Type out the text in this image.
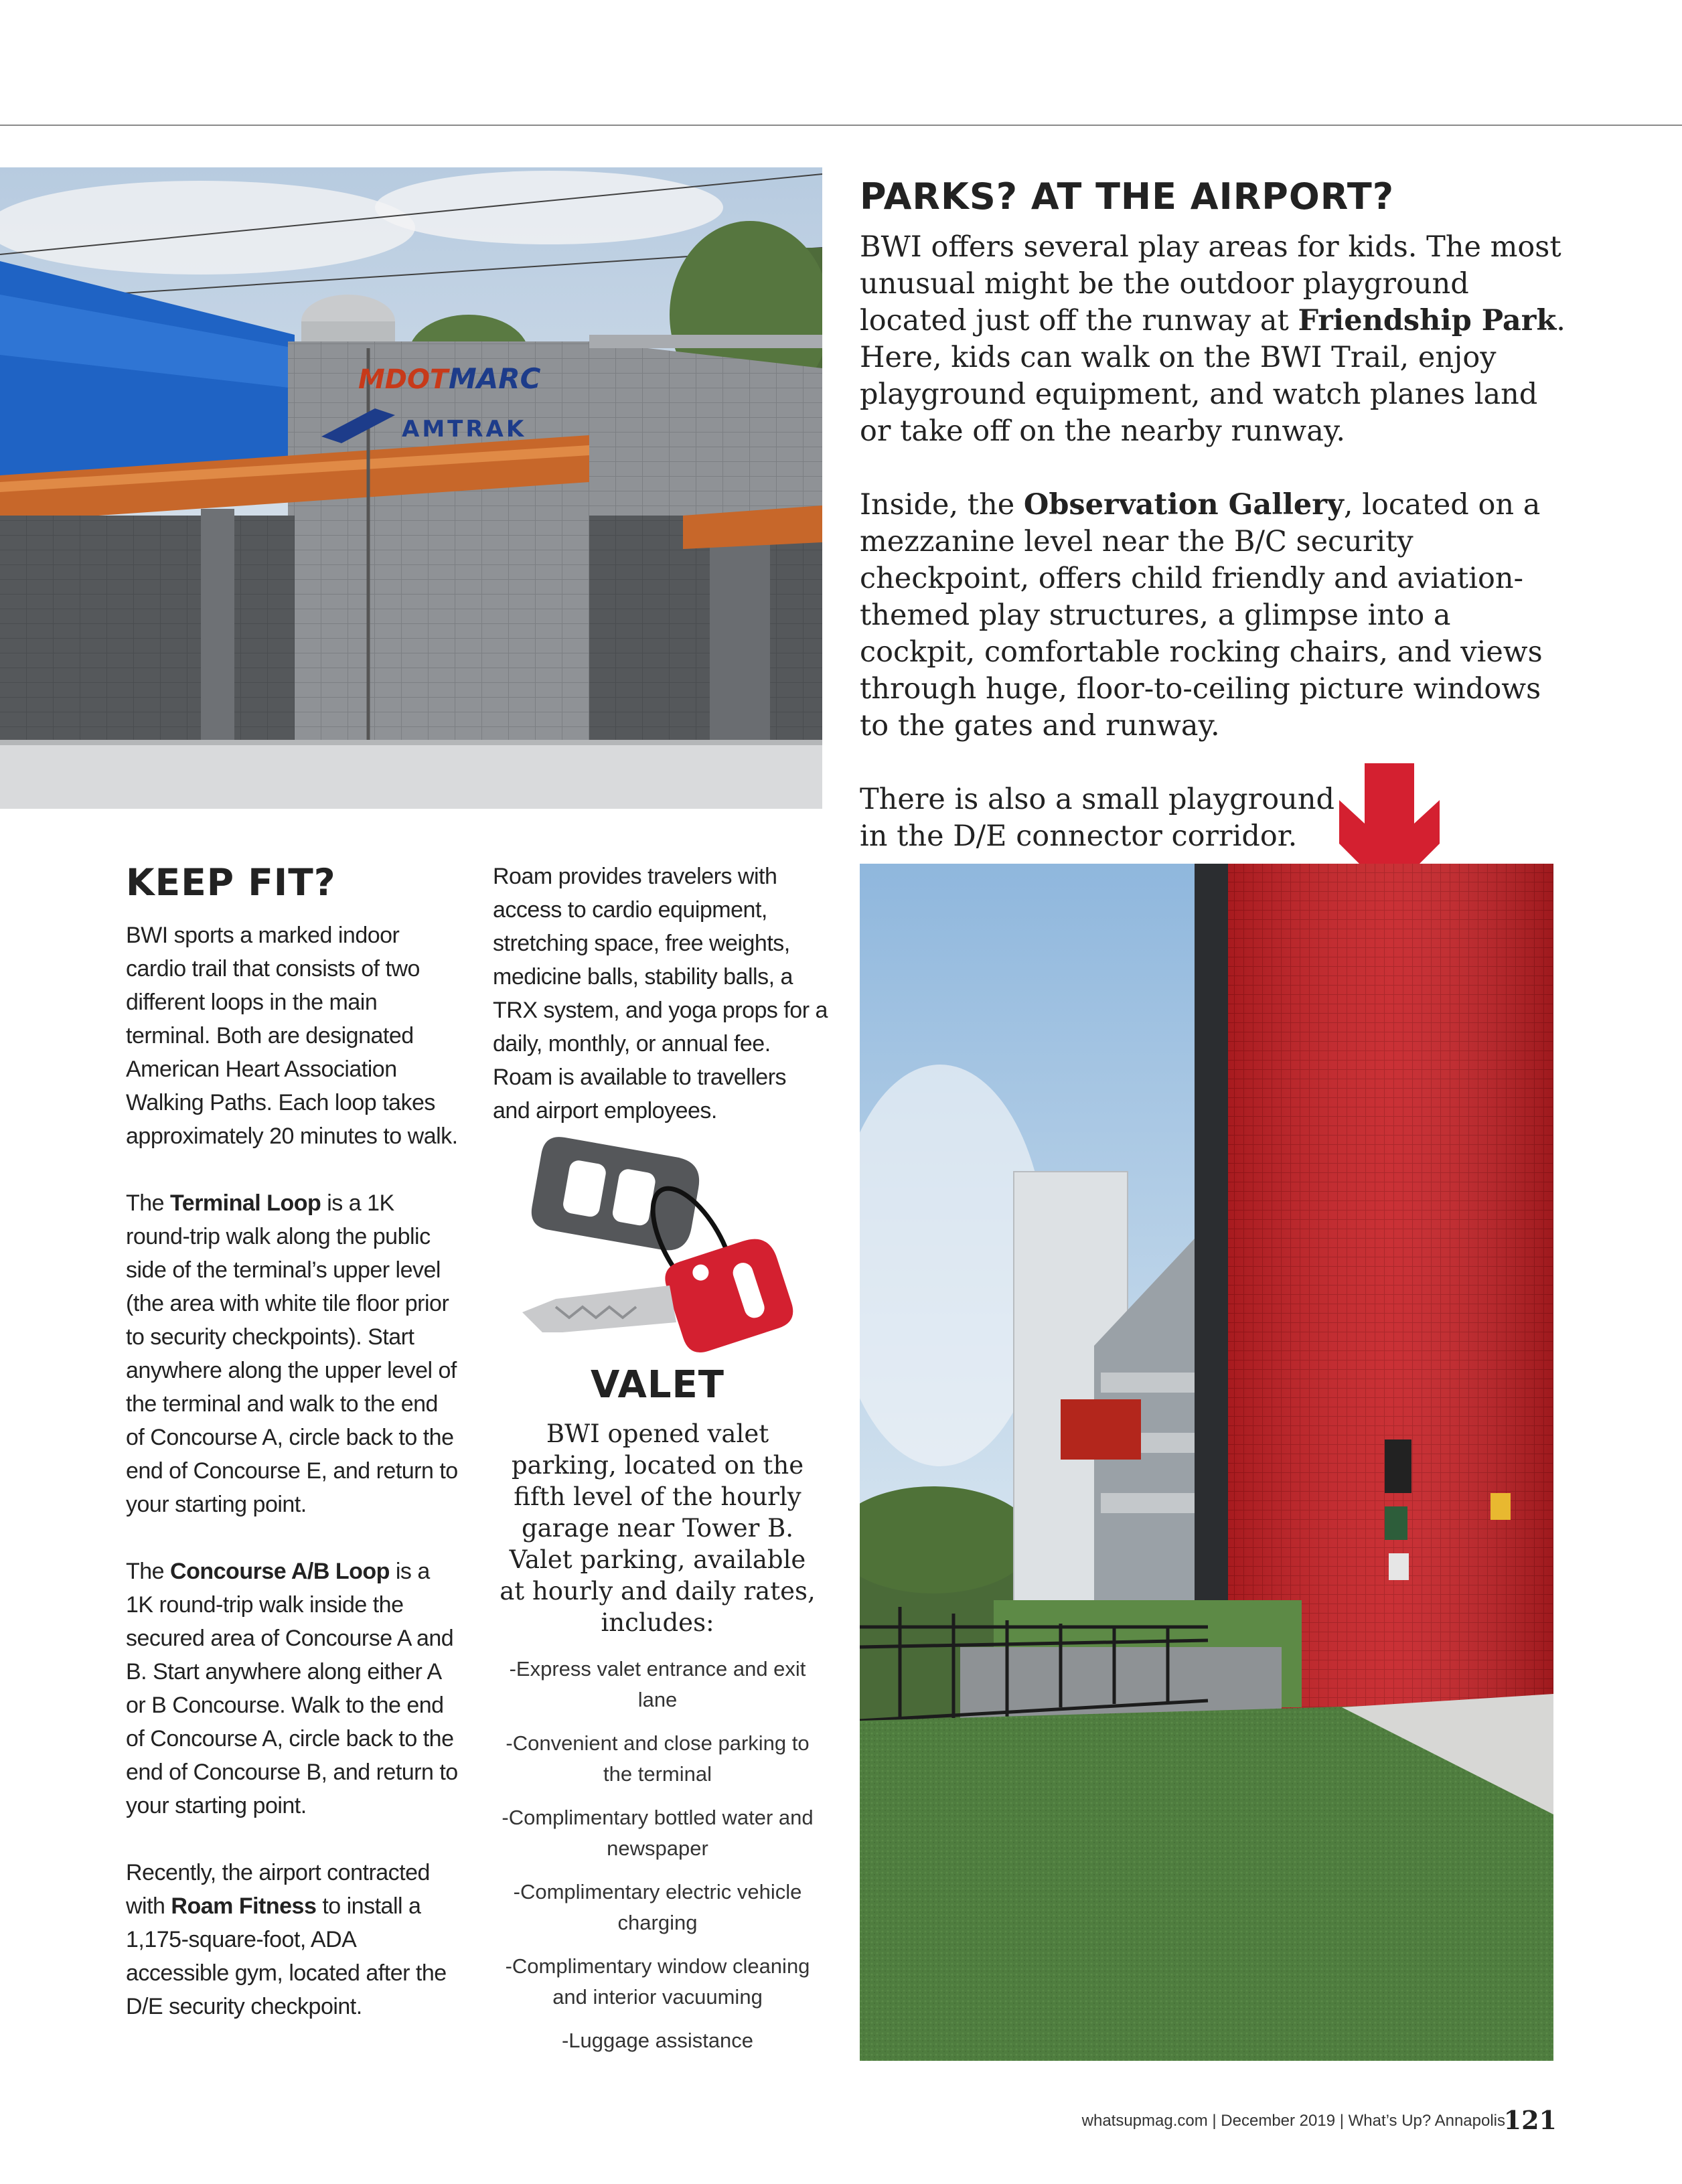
MDOT MARC
AMTRAK
PARKS? AT THE AIRPORT?

BWI offers several play areas for kids. The most unusual might be the outdoor playground located just off the runway at Friendship Park. Here, kids can walk on the BWI Trail, enjoy playground equipment, and watch planes land or take off on the nearby runway.

Inside, the Observation Gallery, located on a mezzanine level near the B/C security checkpoint, offers child friendly and aviation-themed play structures, a glimpse into a cockpit, comfortable rocking chairs, and views through huge, floor-to-ceiling picture windows to the gates and runway.

There is also a small playground in the D/E connector corridor.

KEEP FIT?

BWI sports a marked indoor cardio trail that consists of two different loops in the main terminal. Both are designated American Heart Association Walking Paths. Each loop takes approximately 20 minutes to walk.

The Terminal Loop is a 1K round-trip walk along the public side of the terminal’s upper level (the area with white tile floor prior to security checkpoints). Start anywhere along the upper level of the terminal and walk to the end of Concourse A, circle back to the end of Concourse E, and return to your starting point.

The Concourse A/B Loop is a 1K round-trip walk inside the secured area of Concourse A and B. Start anywhere along either A or B Concourse. Walk to the end of Concourse A, circle back to the end of Concourse B, and return to your starting point.

Recently, the airport contracted with Roam Fitness to install a 1,175-square-foot, ADA accessible gym, located after the D/E security checkpoint.

Roam provides travelers with access to cardio equipment, stretching space, free weights, medicine balls, stability balls, a TRX system, and yoga props for a daily, monthly, or annual fee. Roam is available to travellers and airport employees.

VALET

BWI opened valet parking, located on the fifth level of the hourly garage near Tower B. Valet parking, available at hourly and daily rates, includes:

-Express valet entrance and exit lane
-Convenient and close parking to the terminal
-Complimentary bottled water and newspaper
-Complimentary electric vehicle charging
-Complimentary window cleaning and interior vacuuming
-Luggage assistance
whatsupmag.com | December 2019 | What’s Up? Annapolis
121
